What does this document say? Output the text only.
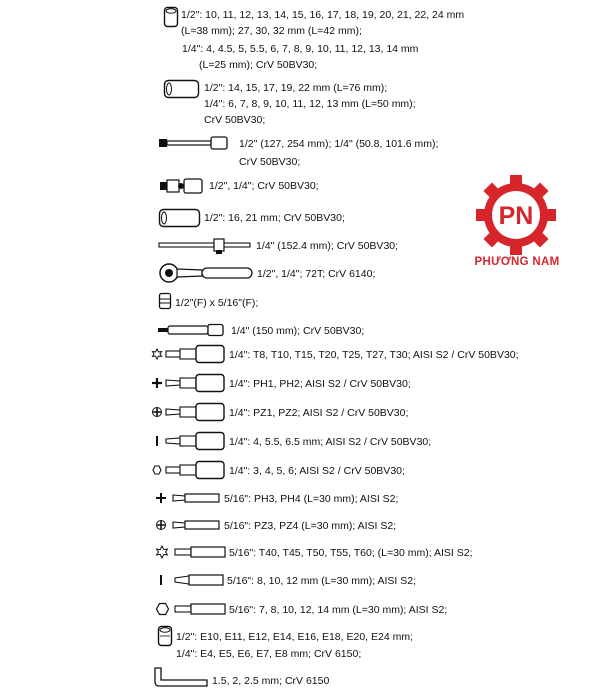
1/2": 10, 11, 12, 13, 14, 15, 16, 17, 18, 19, 20, 21, 22, 24 mm
(L=38 mm); 27, 30, 32 mm (L=42 mm);
1/4": 4, 4.5, 5, 5.5, 6, 7, 8, 9, 10, 11, 12, 13, 14 mm
(L=25 mm); CrV 50BV30;
1/2": 14, 15, 17, 19, 22 mm (L=76 mm);
1/4": 6, 7, 8, 9, 10, 11, 12, 13 mm (L=50 mm);
CrV 50BV30;
1/2" (127, 254 mm); 1/4" (50.8, 101.6 mm);
CrV 50BV30;
1/2", 1/4"; CrV 50BV30;
1/2": 16, 21 mm; CrV 50BV30;
1/4" (152.4 mm); CrV 50BV30;
1/2", 1/4"; 72T; CrV 6140;
1/2"(F) x 5/16"(F);
1/4" (150 mm); CrV 50BV30;
1/4": T8, T10, T15, T20, T25, T27, T30; AISI S2 / CrV 50BV30;
1/4": PH1, PH2; AISI S2 / CrV 50BV30;
1/4": PZ1, PZ2; AISI S2 / CrV 50BV30;
1/4": 4, 5.5, 6.5 mm; AISI S2 / CrV 50BV30;
1/4": 3, 4, 5, 6; AISI S2 / CrV 50BV30;
5/16": PH3, PH4 (L=30 mm); AISI S2;
5/16": PZ3, PZ4 (L=30 mm); AISI S2;
5/16": T40, T45, T50, T55, T60; (L=30 mm); AISI S2;
5/16": 8, 10, 12 mm (L=30 mm); AISI S2;
5/16": 7, 8, 10, 12, 14 mm (L=30 mm); AISI S2;
1/2": E10, E11, E12, E14, E16, E18, E20, E24 mm;
1/4": E4, E5, E6, E7, E8 mm; CrV 6150;
1.5, 2, 2.5 mm; CrV 6150
PN
PHƯƠNG NAM
